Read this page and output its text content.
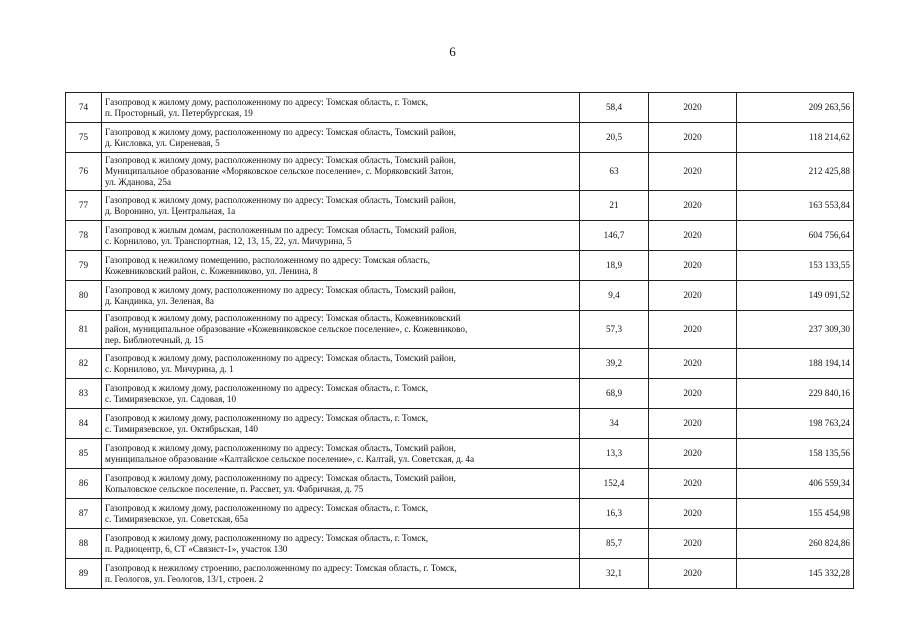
6
74	Газопровод к жилому дому, расположенному по адресу: Томская область, г. Томск,
п. Просторный, ул. Петербургская, 19	58,4	2020	209 263,56
75	Газопровод к жилому дому, расположенному по адресу: Томская область, Томский район,
д. Кисловка, ул. Сиреневая, 5	20,5	2020	118 214,62
76	Газопровод к жилому дому, расположенному по адресу: Томская область, Томский район,
Муниципальное образование «Моряковское сельское поселение», с. Моряковский Затон,
ул. Жданова, 25а	63	2020	212 425,88
77	Газопровод к жилому дому, расположенному по адресу: Томская область, Томский район,
д. Воронино, ул. Центральная, 1а	21	2020	163 553,84
78	Газопровод к жилым домам, расположенным по адресу: Томская область, Томский район,
с. Корнилово, ул. Транспортная, 12, 13, 15, 22, ул. Мичурина, 5	146,7	2020	604 756,64
79	Газопровод к нежилому помещению, расположенному по адресу: Томская область,
Кожевниковский район, с. Кожевниково, ул. Ленина, 8	18,9	2020	153 133,55
80	Газопровод к жилому дому, расположенному по адресу: Томская область, Томский район,
д. Кандинка, ул. Зеленая, 8а	9,4	2020	149 091,52
81	Газопровод к жилому дому, расположенному по адресу: Томская область, Кожевниковский
район, муниципальное образование «Кожевниковское сельское поселение», с. Кожевниково,
пер. Библиотечный, д. 15	57,3	2020	237 309,30
82	Газопровод к жилому дому, расположенному по адресу: Томская область, Томский район,
с. Корнилово, ул. Мичурина, д. 1	39,2	2020	188 194,14
83	Газопровод к жилому дому, расположенному по адресу: Томская область, г. Томск,
с. Тимирязевское, ул. Садовая, 10	68,9	2020	229 840,16
84	Газопровод к жилому дому, расположенному по адресу: Томская область, г. Томск,
с. Тимирязевское, ул. Октябрьская, 140	34	2020	198 763,24
85	Газопровод к жилому дому, расположенному по адресу: Томская область, Томский район,
муниципальное образование «Калтайское сельское поселение», с. Калтай, ул. Советская, д. 4а	13,3	2020	158 135,56
86	Газопровод к жилому дому, расположенному по адресу: Томская область, Томский район,
Копыловское сельское поселение, п. Рассвет, ул. Фабричная, д. 75	152,4	2020	406 559,34
87	Газопровод к жилому дому, расположенному по адресу: Томская область, г. Томск,
с. Тимирязевское, ул. Советская, 65а	16,3	2020	155 454,98
88	Газопровод к жилому дому, расположенному по адресу: Томская область, г. Томск,
п. Радиоцентр, 6, СТ «Связист-1», участок 130	85,7	2020	260 824,86
89	Газопровод к нежилому строению, расположенному по адресу: Томская область, г. Томск,
п. Геологов, ул. Геологов, 13/1, строен. 2	32,1	2020	145 332,28
